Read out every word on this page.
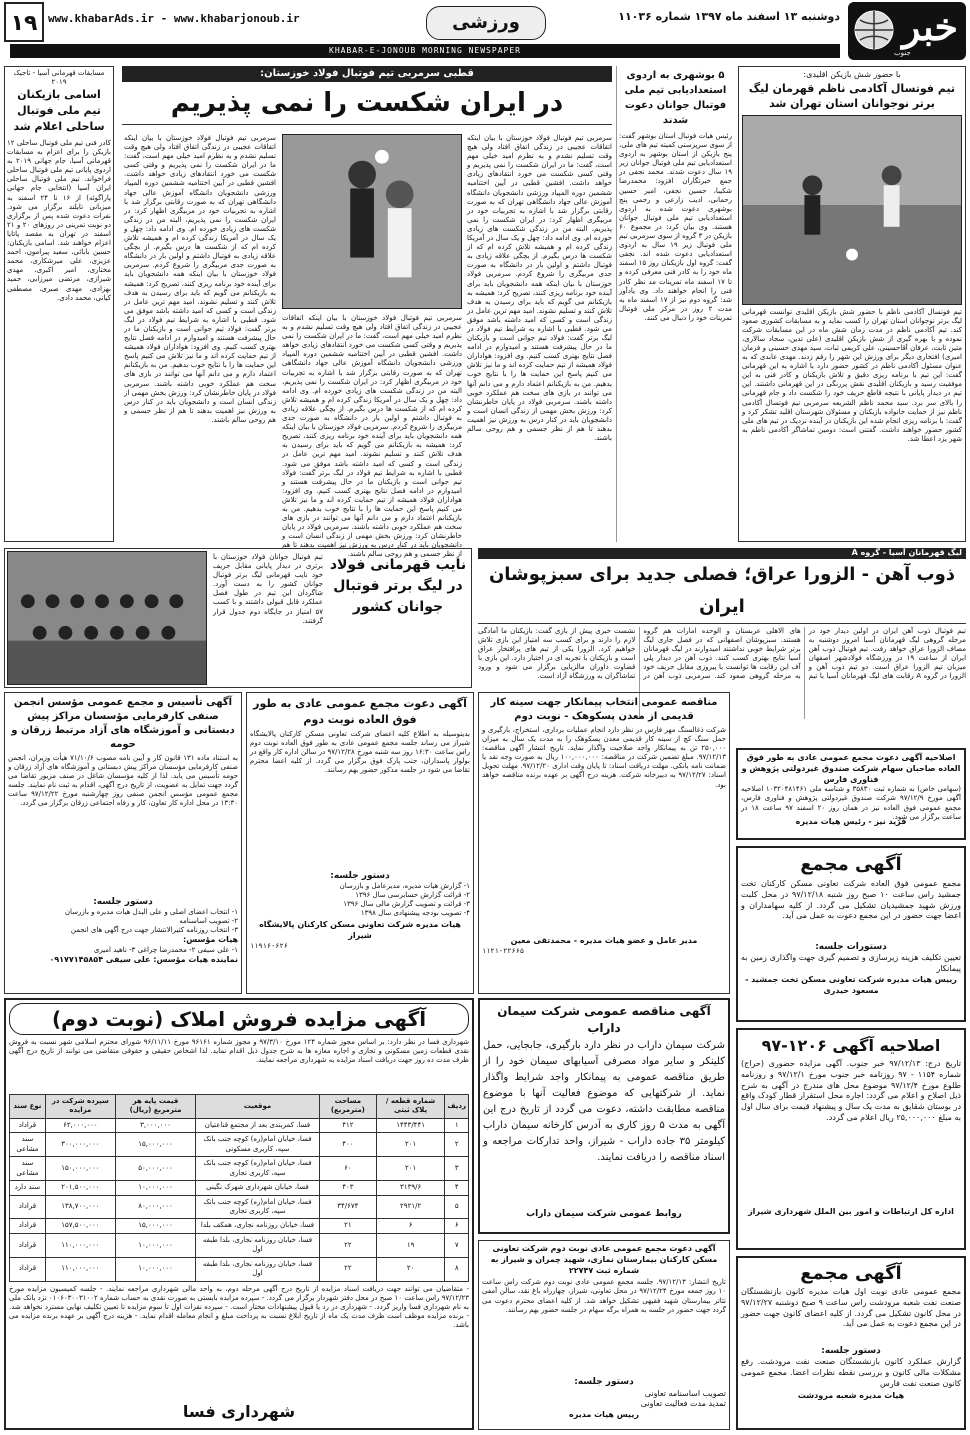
خبر
جنوب
دوشنبه ۱۳ اسفند ماه ۱۳۹۷ شماره ۱۱۰۳۶
ورزشی
www.khabarAds.ir - www.khabarjonoub.ir
۱۹
KHABAR-E-JONOUB MORNING NEWSPAPER
با حضور شش بازیکن اقلیدی:
تیم فوتسال آکادمی ناظم قهرمان لیگ برتر نوجوانان استان تهران شد
تیم فوتسال آکادمی ناظم با حضور شش بازیکن اقلیدی توانست قهرمانی لیگ برتر نوجوانان استان تهران را کسب نماید و به مسابقات کشوری صعود کند. تیم آکادمی ناظم در مدت زمان شش ماه در این مسابقات شرکت نموده و با بهره گیری از شش بازیکن اقلیدی (علی تدین، سجاد سالاری، متین ثابت، عرفان آقاحسینی، علی کریمی ثبات، سید مهدی حسینی و فرمان امیری) افتخاری دیگر برای ورزش این شهر را رقم زدند. مهدی عابدی که به عنوان مسئول آکادمی ناظم در کشور حضور دارد با اشاره به این قهرمانی گفت: این تیم با برنامه ریزی دقیق و تلاش بازیکنان و کادر فنی به این موفقیت رسید و بازیکنان اقلیدی نقش پررنگی در این قهرمانی داشتند. این تیم در دیدار پایانی با نتیجه قاطع حریف خود را شکست داد و جام قهرمانی را بالای سر برد. سید محمد ناظم الشریعه سرمربی تیم فوتسال آکادمی ناظم نیز از حمایت خانواده بازیکنان و مسئولان شهرستان اقلید تشکر کرد و گفت: با برنامه ریزی انجام شده این بازیکنان در آینده نزدیک در تیم های ملی کشور حضور خواهند داشت. گفتنی است: دومین تماشاگر آکادمی ناظم به شهر یزد اعطا شد.
۵ بوشهری به اردوی استعدادیابی تیم ملی فوتبال جوانان دعوت شدند
رئیس هیات فوتبال استان بوشهر گفت: از سوی سرپرستی کمیته تیم های ملی، پنج بازیکن از استان بوشهر به اردوی استعدادیابی تیم ملی فوتبال جوانان زیر ۱۹ سال دعوت شدند. محمد نجفی در جمع خبرنگاران افزود: محمدرضا شکیبا، حسین نجفی، امیر حسین رحمانی، ادیب زارعی و رحمی پنج بوشهری دعوت شده به اردوی استعدادیابی تیم ملی فوتبال جوانان هستند. وی بیان کرد: در مجموع ۶۰ بازیکن در ۳ گروه از سوی سرمربی تیم ملی فوتبال زیر ۱۹ سال به اردوی استعدادیابی دعوت شده اند. نجفی گفت: گروه اول بازیکنان روز ۱۵ اسفند ماه خود را به کادر فنی معرفی کرده و تا ۱۷ اسفند ماه تمرینات مد نظر کادر فنی را انجام خواهند داد. وی یادآور شد: گروه دوم نیز از ۱۷ اسفند ماه به مدت ۲ روز در مرکز ملی فوتبال تمرینات خود را دنبال می کنند.
قطبی سرمربی تیم فوتبال فولاد خوزستان:
در ایران شکست را نمی پذیریم
سرمربی تیم فوتبال فولاد خوزستان با بیان اینکه اتفاقات عجیبی در زندگی اتفاق افتاد ولی هیچ وقت تسلیم نشدم و به نظرم امید خیلی مهم است، گفت: ما در ایران شکست را نمی پذیریم و وقتی کسی شکست می خورد انتقادهای زیادی خواهد داشت. افشین قطبی در آیین اختتامیه ششمین دوره المپیاد ورزشی دانشجویان دانشگاه آموزش عالی جهاد دانشگاهی تهران که به صورت رقابتی برگزار شد با اشاره به تجربیات خود در مربیگری اظهار کرد: در ایران شکست را نمی پذیریم، البته من در زندگی شکست های زیادی خورده ام. وی ادامه داد: چهل و یک سال در آمریکا زندگی کرده ام و همیشه تلاش کرده ام که از شکست ها درس بگیرم. از بچگی علاقه زیادی به فوتبال داشتم و اولین بار در دانشگاه به صورت جدی مربیگری را شروع کردم. سرمربی فولاد خوزستان با بیان اینکه همه دانشجویان باید برای آینده خود برنامه ریزی کنند، تصریح کرد: همیشه به بازیکنانم می گویم که باید برای رسیدن به هدف تلاش کنند و تسلیم نشوند. امید مهم ترین عامل در زندگی است و کسی که امید داشته باشد موفق می شود. قطبی با اشاره به شرایط تیم فولاد در لیگ برتر گفت: فولاد تیم جوانی است و بازیکنان ما در حال پیشرفت هستند و امیدوارم در ادامه فصل نتایج بهتری کسب کنیم. وی افزود: هواداران فولاد همیشه از تیم حمایت کرده اند و ما نیز تلاش می کنیم پاسخ این حمایت ها را با نتایج خوب بدهیم. من به بازیکنانم اعتماد دارم و می دانم آنها می توانند در بازی های سخت هم عملکرد خوبی داشته باشند. سرمربی فولاد در پایان خاطرنشان کرد: ورزش بخش مهمی از زندگی انسان است و دانشجویان باید در کنار درس به ورزش نیز اهمیت بدهند تا هم از نظر جسمی و هم روحی سالم باشند.
سرمربی تیم فوتبال فولاد خوزستان با بیان اینکه اتفاقات عجیبی در زندگی اتفاق افتاد ولی هیچ وقت تسلیم نشدم و به نظرم امید خیلی مهم است، گفت: ما در ایران شکست را نمی پذیریم و وقتی کسی شکست می خورد انتقادهای زیادی خواهد داشت. افشین قطبی در آیین اختتامیه ششمین دوره المپیاد ورزشی دانشجویان دانشگاه آموزش عالی جهاد دانشگاهی تهران که به صورت رقابتی برگزار شد با اشاره به تجربیات خود در مربیگری اظهار کرد: در ایران شکست را نمی پذیریم، البته من در زندگی شکست های زیادی خورده ام. وی ادامه داد: چهل و یک سال در آمریکا زندگی کرده ام و همیشه تلاش کرده ام که از شکست ها درس بگیرم. از بچگی علاقه زیادی به فوتبال داشتم و اولین بار در دانشگاه به صورت جدی مربیگری را شروع کردم. سرمربی فولاد خوزستان با بیان اینکه همه دانشجویان باید برای آینده خود برنامه ریزی کنند، تصریح کرد: همیشه به بازیکنانم می گویم که باید برای رسیدن به هدف تلاش کنند و تسلیم نشوند. امید مهم ترین عامل در زندگی است و کسی که امید داشته باشد موفق می شود. قطبی با اشاره به شرایط تیم فولاد در لیگ برتر گفت: فولاد تیم جوانی است و بازیکنان ما در حال پیشرفت هستند و امیدوارم در ادامه فصل نتایج بهتری کسب کنیم. وی افزود: هواداران فولاد همیشه از تیم حمایت کرده اند و ما نیز تلاش می کنیم پاسخ این حمایت ها را با نتایج خوب بدهیم. من به بازیکنانم اعتماد دارم و می دانم آنها می توانند در بازی های سخت هم عملکرد خوبی داشته باشند. سرمربی فولاد در پایان خاطرنشان کرد: ورزش بخش مهمی از زندگی انسان است و دانشجویان باید در کنار درس به ورزش نیز اهمیت بدهند تا هم از نظر جسمی و هم روحی سالم باشند.
سرمربی تیم فوتبال فولاد خوزستان با بیان اینکه اتفاقات عجیبی در زندگی اتفاق افتاد ولی هیچ وقت تسلیم نشدم و به نظرم امید خیلی مهم است، گفت: ما در ایران شکست را نمی پذیریم و وقتی کسی شکست می خورد انتقادهای زیادی خواهد داشت. افشین قطبی در آیین اختتامیه ششمین دوره المپیاد ورزشی دانشجویان دانشگاه آموزش عالی جهاد دانشگاهی تهران که به صورت رقابتی برگزار شد با اشاره به تجربیات خود در مربیگری اظهار کرد: در ایران شکست را نمی پذیریم، البته من در زندگی شکست های زیادی خورده ام. وی ادامه داد: چهل و یک سال در آمریکا زندگی کرده ام و همیشه تلاش کرده ام که از شکست ها درس بگیرم. از بچگی علاقه زیادی به فوتبال داشتم و اولین بار در دانشگاه به صورت جدی مربیگری را شروع کردم. سرمربی فولاد خوزستان با بیان اینکه همه دانشجویان باید برای آینده خود برنامه ریزی کنند، تصریح کرد: همیشه به بازیکنانم می گویم که باید برای رسیدن به هدف تلاش کنند و تسلیم نشوند. امید مهم ترین عامل در زندگی است و کسی که امید داشته باشد موفق می شود. قطبی با اشاره به شرایط تیم فولاد در لیگ برتر گفت: فولاد تیم جوانی است و بازیکنان ما در حال پیشرفت هستند و امیدوارم در ادامه فصل نتایج بهتری کسب کنیم. وی افزود: هواداران فولاد همیشه از تیم حمایت کرده اند و ما نیز تلاش می کنیم پاسخ این حمایت ها را با نتایج خوب بدهیم. من به بازیکنانم اعتماد دارم و می دانم آنها می توانند در بازی های سخت هم عملکرد خوبی داشته باشند. سرمربی فولاد در پایان خاطرنشان کرد: ورزش بخش مهمی از زندگی انسان است و دانشجویان باید در کنار درس به ورزش نیز اهمیت بدهند تا هم از نظر جسمی و هم روحی سالم باشند.
مسابقات قهرمانی آسیا - تاجیک ۲۰۱۹
اسامی بازیکنان تیم ملی فوتبال ساحلی اعلام شد
کادر فنی تیم ملی فوتبال ساحلی ۱۲ بازیکن را برای اعزام به مسابقات قهرمانی آسیا، جام جهانی ۲۰۱۹ به اردوی پایانی تیم ملی فوتبال ساحلی فراخواند. تیم ملی فوتبال ساحلی ایران آسیا (انتخابی جام جهانی پاراگوئه) از ۱۶ تا ۲۴ اسفند به میزبانی تایلند برگزار می شود. نفرات دعوت شده پس از برگزاری دو نوبت تمرینی در روزهای ۲۰ و ۲۱ اسفند در تهران به مقصد پاتایا اعزام خواهند شد. اسامی بازیکنان: حسین بابائی، سعید پیرامون، احمد عزیزی، علی میرشکاری، محمد مختاری، امیر اکبری، مهدی شیرازی، مرتضی میرزایی، حمید بهزادی، مهدی صبری، مصطفی کیانی، محمد دادی.
تیم فوتبال جوانان فولاد خوزستان با برتری در دیدار پایانی مقابل حریف خود نایب قهرمانی لیگ برتر فوتبال جوانان کشور را به دست آورد. شاگردان این تیم در طول فصل عملکرد قابل قبولی داشتند و با کسب ۵۷ امتیاز در جایگاه دوم جدول قرار گرفتند.
نایب قهرمانی فولاد در لیگ برتر فوتبال جوانان کشور
لیگ قهرمانان آسیا - گروه A
ذوب آهن - الزورا عراق؛ فصلی جدید برای سبزپوشان ایران
تیم فوتبال ذوب آهن ایران در اولین دیدار خود در مرحله گروهی لیگ قهرمانان آسیا امروز دوشنبه به مصاف الزورا عراق خواهد رفت. تیم فوتبال ذوب آهن ایران از ساعت ۱۹ در ورزشگاه فولادشهر اصفهان میزبان تیم الزورا عراق است. دو تیم ذوب آهن و الزورا در گروه A رقابت های لیگ قهرمانان آسیا با تیم های الاهلی عربستان و الوحده امارات هم گروه هستند. سبزپوشان اصفهانی که در فصل جاری لیگ برتر شرایط خوبی نداشتند امیدوارند در لیگ قهرمانان آسیا نتایج بهتری کسب کنند. ذوب آهن در دیدار پلی آف این رقابت ها توانست با پیروزی مقابل حریف خود به مرحله گروهی صعود کند. سرمربی ذوب آهن در نشست خبری پیش از بازی گفت: بازیکنان ما آمادگی لازم را دارند و برای کسب سه امتیاز این بازی تلاش خواهیم کرد. الزورا یکی از تیم های پرافتخار عراق است و بازیکنان با تجربه ای در اختیار دارد. این بازی با قضاوت داوران مالزیایی برگزار می شود و ورود تماشاگران به ورزشگاه آزاد است.
اصلاحیه آگهی دعوت مجمع عمومی عادی به طور فوق العاده صاحبان سهام شرکت صندوق غیردولتی پژوهش و فناوری فارس
(سهامی خاص) به شماره ثبت ۳۵۸۳۰ و شناسه ملی ۱۰۳۲۰۴۸۱۴۶۱ اصلاحیه آگهی مورخ ۹۷/۱۲/۹ شرکت صندوق غیردولتی پژوهش و فناوری فارس، مجمع عمومی فوق العاده نیز در همان روز ۲۰ اسفند ۹۷ ساعت ۱۸ در ساعت برگزار می شود.
فرید نیز - رئیس هیات مدیره
مناقصه عمومی انتخاب پیمانکار جهت سینه کار قدیمی از معدن پسکوهک - نوبت دوم
شرکت ذغالسنگ مهر فارس در نظر دارد انجام عملیات برداری، استخراج، بارگیری و حمل سنگ کچ از سینه کار قدیمی معدن پسکوهک را به مدت یک سال به میزان ۲۵۰,۰۰۰ تن به پیمانکار واجد صلاحیت واگذار نماید. تاریخ انتشار آگهی مناقصه: ۹۷/۱۲/۱۳. مبلغ تضمین شرکت در مناقصه: ۱۰۰,۰۰۰,۰۰۰ ریال به صورت وجه نقد یا ضمانت نامه بانکی. مهلت دریافت اسناد: تا پایان وقت اداری ۹۷/۱۲/۲۰. مهلت تحویل اسناد: ۹۷/۱۲/۲۷ به دبیرخانه شرکت. هزینه درج آگهی بر عهده برنده مناقصه خواهد بود.
مدیر عامل و عضو هیات مدیره - محمدتقی معین
۱۱۲۱-۲۲۶۶۵
آگهی دعوت مجمع عمومی عادی به طور فوق العاده نوبت دوم
بدینوسیله به اطلاع کلیه اعضای شرکت تعاونی مسکن کارکنان پالایشگاه شیراز می رساند جلسه مجمع عمومی عادی به طور فوق العاده نوبت دوم راس ساعت ۱۶:۳۰ روز سه شنبه مورخ ۹۷/۱۲/۲۸ در سالن اداره کار واقع در بولوار پاسداران، جنب پارک فوق برگزار می گردد. از کلیه اعضا محترم تقاضا می شود در جلسه مذکور حضور بهم رسانند.
دستور جلسه:
۱- گزارش هیات مدیره، مدیرعامل و بازرسان
۲- قرائت گزارش حسابرسی سال ۱۳۹۶
۳- قرائت و تصویب گزارش مالی سال ۱۳۹۶
۴- تصویب بودجه پیشنهادی سال ۱۳۹۸
هیات مدیره شرکت تعاونی مسکن کارکنان پالایشگاه شیراز
۱۱۹۱۶-۶۲۶
آگهی تأسیس و مجمع عمومی مؤسس انجمن صنفی کارفرمایی مؤسسان مراکز پیش دبستانی و آموزشگاه های آزاد مرتبط زرقان و حومه
به استناد ماده ۱۳۱ قانون کار و آیین نامه مصوب ۷۱/۱۰/۶ هیأت وزیران، انجمن صنفی کارفرمایی مؤسسان مراکز پیش دبستانی و آموزشگاه های آزاد زرقان و حومه تأسیس می یابد. لذا از کلیه مؤسسان شاغل در صنف مزبور تقاضا می گردد جهت تمایل به عضویت، از تاریخ درج آگهی، اقدام به ثبت نام نمایند. جلسه مجمع عمومی مؤسس انجمن صنفی روز چهارشنبه مورخ ۹۷/۱۲/۲۲ ساعت ۱۳:۳۰ در محل اداره کار تعاون، کار و رفاه اجتماعی زرقان برگزار می گردد.
دستور جلسه:
۱- انتخاب اعضای اصلی و علی البدل هیات مدیره و بازرسان
۲- تصویب اساسنامه
۳- انتخاب روزنامه کثیرالانتشار جهت درج آگهی های انجمن
هیات مؤسس:
۱- علی سیفی ۲- محمدرضا چراغی ۳- ناهید امیری
نماینده هیات مؤسس: علی سیفی ۰۹۱۷۷۱۴۵۸۵۴
آگهی مجمع
مجمع عمومی فوق العاده شرکت تعاونی مسکن کارکنان تخت جمشید راس ساعت ۱۰ صبح روز شنبه ۹۷/۱۲/۱۸ در محل کلبت ورزش شهید جمشیدیان تشکیل می گردد. از کلیه سهامداران و اعضا جهت حضور در این مجمع دعوت به عمل می آید.
دستورات جلسه:
تعیین تکلیف هزینه زیرسازی و تصمیم گیری جهت واگذاری زمین به پیمانکار
رییس هیات مدیره شرکت تعاونی مسکن تخت جمشید - مسعود حیدری
آگهی مناقصه عمومی شرکت سیمان داراب
شرکت سیمان داراب در نظر دارد بارگیری، جابجایی، حمل کلینکر و سایر مواد مصرفی آسیابهای سیمان خود را از طریق مناقصه عمومی به پیمانکار واجد شرایط واگذار نماید. از شرکتهایی که موضوع فعالیت آنها با موضوع مناقصه مطابقت داشته، دعوت می گردد از تاریخ درج این آگهی به مدت ۵ روز کاری به آدرس کارخانه سیمان داراب کیلومتر ۳۵ جاده داراب - شیراز، واحد تدارکات مراجعه و اسناد مناقصه را دریافت نمایند.
روابط عمومی شرکت سیمان داراب
اصلاحیه آگهی ۱۲۰۶-۹۷
تاریخ درج: ۹۷/۱۲/۱۳ خبر جنوب. آگهی مزایده حضوری (حراج) شماره ۱۱۵۴ - ۹۷ روزنامه خبر جنوب مورخ ۹۷/۱۲/۱ و روزنامه طلوع مورخ ۹۷/۱۲/۴ موضوع محل های مندرج در آگهی به شرح ذیل اصلاح و اعلام می گردد: اجاره محل استقرار قطار کودک واقع در بوستان شقایق به مدت یک سال و پیشنهاد قیمت برای سال اول به مبلغ ۲۵,۰۰۰,۰۰۰ ریال اعلام می گردد.
اداره کل ارتباطات و امور بین الملل شهرداری شیراز
آگهی مجمع
مجمع عمومی عادی نوبت اول هیات مدیره کانون بازنشستگان صنعت نفت شعبه مرودشت راس ساعت ۹ صبح دوشنبه ۹۷/۱۲/۲۷ در محل کانون تشکیل می گردد. از کلیه اعضای کانون جهت حضور در این مجمع دعوت به عمل می آید.
دستور جلسه:
گزارش عملکرد کانون بازنشستگان صنعت نفت مرودشت. رفع مشکلات مالی کانون و بررسی نقطه نظرات اعضا. مجمع عمومی کانون صنعت نفت فارس
هیات مدیره شعبه مرودشت
آگهی دعوت مجمع عمومی عادی نوبت دوم شرکت تعاونی مسکن کارکنان بیمارستان نمازی، شهید چمران و شیراز به شماره ثبت ۲۲۷۴۷
تاریخ انتشار: ۹۷/۱۲/۱۳. جلسه مجمع عمومی عادی نوبت دوم شرکت راس ساعت ۱۰ روز جمعه مورخ ۹۷/۱۲/۲۴ در محل تعاونی، شیراز، چهارراه باغ نقد، سالن آمفی تئاتر بیمارستان شهید فقیهی تشکیل خواهد شد. از کلیه اعضای محترم دعوت می گردد جهت حضور در جلسه به همراه برگه سهام در جلسه حضور بهم رسانند.
دستور جلسه:
تصویب اساسنامه تعاونی
تمدید مدت فعالیت تعاونی
رییس هیات مدیره
آگهی مزایده فروش املاک (نوبت دوم)
شهرداری فسا در نظر دارد: بر اساس مجوز شماره ۱۲۴ مورخ ۹۷/۳/۱۰ و مجوز شماره ۹۶۱۶۱ مورخ ۹۶/۱۱/۱۱ شورای محترم اسلامی شهر نسبت به فروش نقدی قطعات زمین مسکونی و تجاری و اجاره مغازه ها به شرح جدول ذیل اقدام نماید. لذا اشخاص حقیقی و حقوقی متقاضی می توانند از تاریخ درج آگهی ظرف مدت ده روز جهت دریافت اسناد مزایده به شهرداری مراجعه نمایند.
ردیف	شماره قطعه / پلاک ثبتی	مساحت (مترمربع)	موقعیت	قیمت پایه هر مترمربع (ریال)	سپرده شرکت در مزایده	نوع سند
۱	۱۴۴۳/۴۴۱	۴۱۲	فسا، کمربندی بعد از مجتمع قناعتیان	۳,۰۰۰,۰۰۰	۶۲,۰۰۰,۰۰۰	قراداد
۲	۲۰۱	۴۰۰	فسا، خیابان امام(ره) کوچه جنب بانک سپه، کاربری مسکونی	۱۵,۰۰۰,۰۰۰	۳۰۰,۰۰۰,۰۰۰	سند مشاعی
۳	۲۰۱	۶۰	فسا، خیابان امام(ره) کوچه جنب بانک سپه، کاربری تجاری	۵۰,۰۰۰,۰۰۰	۱۵۰,۰۰۰,۰۰۰	سند مشاعی
۴	۳۱۳۹/۶	۴۰۳	فسا، خیابان شهرداری شهرک نگینی	۱۰,۰۰۰,۰۰۰	۲۰۱,۵۰۰,۰۰۰	سند دارد
۵	۲۹۲۱/۲	۳۴/۶۷۴	فسا، خیابان امام(ره) کوچه جنب بانک سپه، کاربری تجاری	۸۰,۰۰۰,۰۰۰	۱۳۸,۷۰۰,۰۰۰	قراداد
۶	۶	۲۱	فسا، خیابان روزنامه نجاری، همکف بلدا	۱۵,۰۰۰,۰۰۰	۱۵۷,۵۰۰,۰۰۰	قراداد
۷	۱۹	۲۲	فسا، خیابان روزنامه نجاری، بلدا طبقه اول	۱۰,۰۰۰,۰۰۰	۱۱۰,۰۰۰,۰۰۰	قراداد
۸	۲۰	۲۲	فسا، خیابان روزنامه نجاری، بلدا طبقه اول	۱۰,۰۰۰,۰۰۰	۱۱۰,۰۰۰,۰۰۰	قراداد
- متقاضیان می توانند جهت دریافت اسناد مزایده از تاریخ درج آگهی مرحله دوم، به واحد مالی شهرداری مراجعه نمایند. - جلسه کمیسیون مزایده مورخ ۹۷/۱۲/۲۳ راس ساعت ۱۰ صبح در محل دفتر شهردار برگزار می گردد. - سپرده مزایده بایستی به صورت نقدی به حساب شماره ۰۱۰۶۰۳۰۰۳۱۰۰۲ نزد بانک ملی به نام شهرداری فسا واریز گردد. - شهرداری در رد یا قبول پیشنهادات مختار است. - سپرده نفرات اول تا سوم مزایده تا تعیین تکلیف نهایی مسترد نخواهد شد. - برنده مزایده موظف است ظرف مدت یک ماه از تاریخ ابلاغ نسبت به پرداخت مبلغ و انجام معامله اقدام نماید. - هزینه درج آگهی بر عهده برنده مزایده می باشد.
شهرداری فسا
